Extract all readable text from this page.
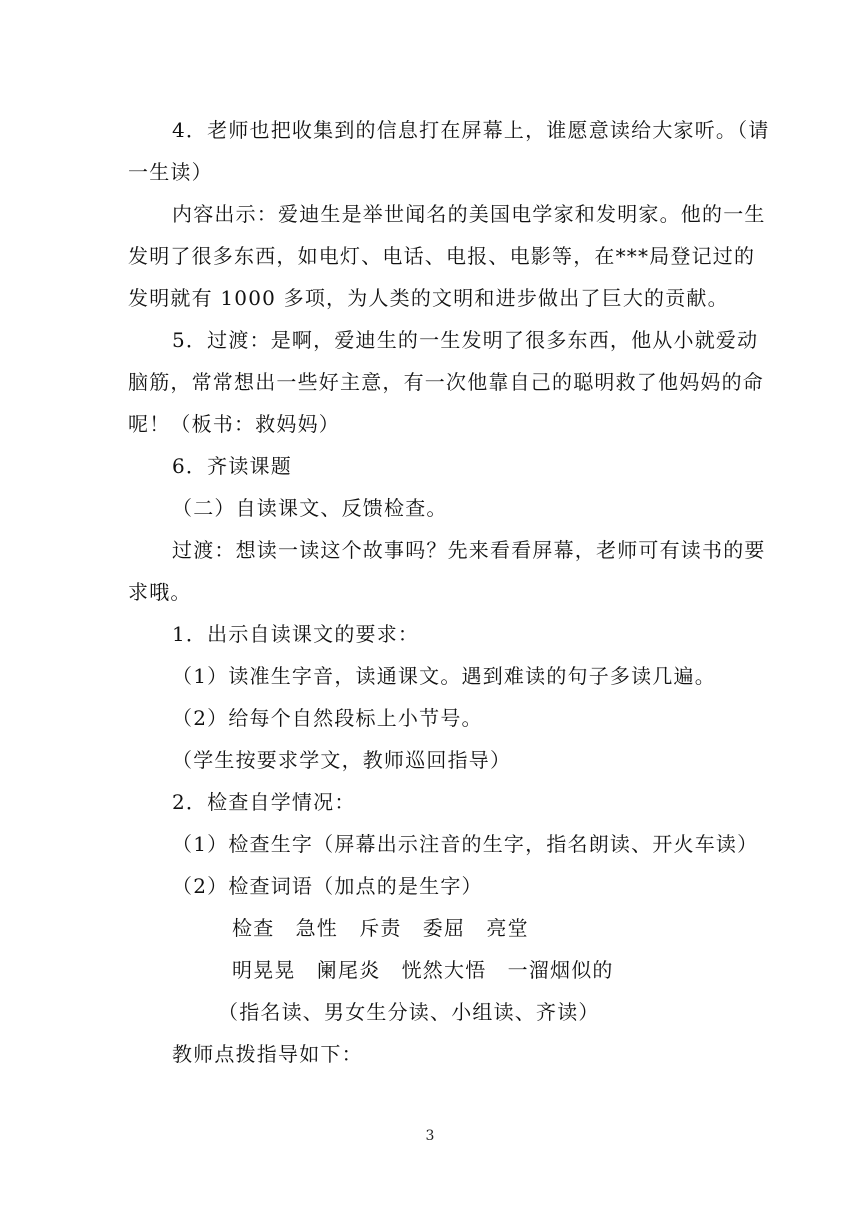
4．老师也把收集到的信息打在屏幕上，谁愿意读给大家听。（请
一生读）
内容出示：爱迪生是举世闻名的美国电学家和发明家。他的一生
发明了很多东西，如电灯、电话、电报、电影等，在***局登记过的
发明就有 1000 多项，为人类的文明和进步做出了巨大的贡献。
5．过渡：是啊，爱迪生的一生发明了很多东西，他从小就爱动
脑筋，常常想出一些好主意，有一次他靠自己的聪明救了他妈妈的命
呢！（板书：救妈妈）
6．齐读课题
（二）自读课文、反馈检查。
过渡：想读一读这个故事吗？先来看看屏幕，老师可有读书的要
求哦。
1．出示自读课文的要求：
（1）读准生字音，读通课文。遇到难读的句子多读几遍。
（2）给每个自然段标上小节号。
（学生按要求学文，教师巡回指导）
2．检查自学情况：
（1）检查生字（屏幕出示注音的生字，指名朗读、开火车读）
（2）检查词语（加点的是生字）
检查　急性　斥责　委屈　亮堂
明晃晃　阑尾炎　恍然大悟　一溜烟似的
（指名读、男女生分读、小组读、齐读）
教师点拨指导如下：
3
